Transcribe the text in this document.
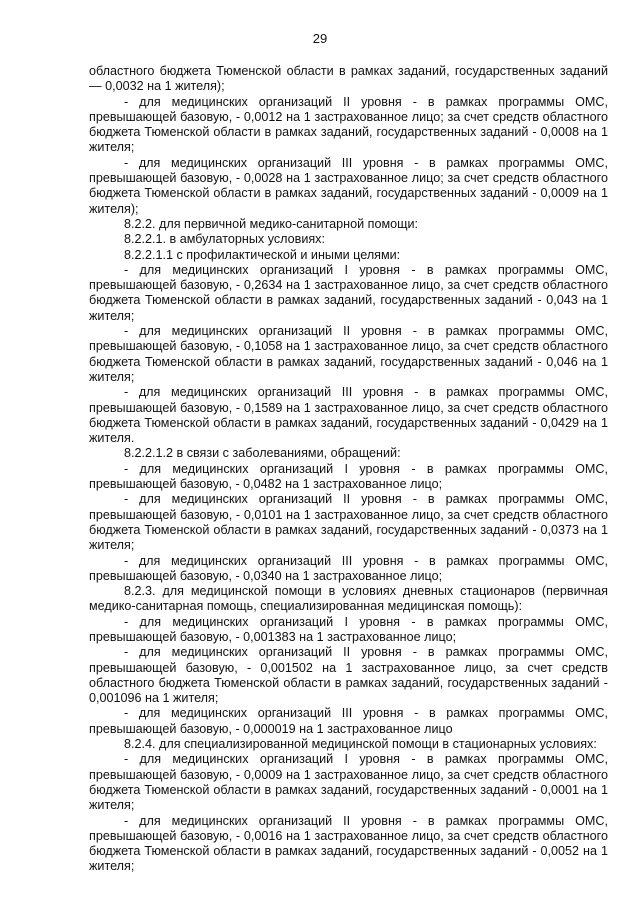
29

областного бюджета Тюменской области в рамках заданий, государственных заданий — 0,0032 на 1 жителя);

- для медицинских организаций II уровня - в рамках программы ОМС, превышающей базовую, - 0,0012 на 1 застрахованное лицо; за счет средств областного бюджета Тюменской области в рамках заданий, государственных заданий - 0,0008 на 1 жителя;

- для медицинских организаций III уровня - в рамках программы ОМС, превышающей базовую, - 0,0028 на 1 застрахованное лицо; за счет средств областного бюджета Тюменской области в рамках заданий, государственных заданий - 0,0009 на 1 жителя);

8.2.2. для первичной медико-санитарной помощи:

8.2.2.1. в амбулаторных условиях:

8.2.2.1.1 с профилактической и иными целями:

- для медицинских организаций I уровня - в рамках программы ОМС, превышающей базовую, - 0,2634 на 1 застрахованное лицо, за счет средств областного бюджета Тюменской области в рамках заданий, государственных заданий - 0,043 на 1 жителя;

- для медицинских организаций II уровня - в рамках программы ОМС, превышающей базовую, - 0,1058 на 1 застрахованное лицо, за счет средств областного бюджета Тюменской области в рамках заданий, государственных заданий - 0,046 на 1 жителя;

- для медицинских организаций III уровня - в рамках программы ОМС, превышающей базовую, - 0,1589 на 1 застрахованное лицо, за счет средств областного бюджета Тюменской области в рамках заданий, государственных заданий - 0,0429 на 1 жителя.

8.2.2.1.2 в связи с заболеваниями, обращений:

- для медицинских организаций I уровня - в рамках программы ОМС, превышающей базовую, - 0,0482 на 1 застрахованное лицо;

- для медицинских организаций II уровня - в рамках программы ОМС, превышающей базовую, - 0,0101 на 1 застрахованное лицо, за счет средств областного бюджета Тюменской области в рамках заданий, государственных заданий - 0,0373 на 1 жителя;

- для медицинских организаций III уровня - в рамках программы ОМС, превышающей базовую, - 0,0340 на 1 застрахованное лицо;

8.2.3. для медицинской помощи в условиях дневных стационаров (первичная медико-санитарная помощь, специализированная медицинская помощь):

- для медицинских организаций I уровня - в рамках программы ОМС, превышающей базовую, - 0,001383 на 1 застрахованное лицо;

- для медицинских организаций II уровня - в рамках программы ОМС, превышающей базовую, - 0,001502 на 1 застрахованное лицо, за счет средств областного бюджета Тюменской области в рамках заданий, государственных заданий - 0,001096 на 1 жителя;

- для медицинских организаций III уровня - в рамках программы ОМС, превышающей базовую, - 0,000019 на 1 застрахованное лицо

8.2.4. для специализированной медицинской помощи в стационарных условиях:

- для медицинских организаций I уровня - в рамках программы ОМС, превышающей базовую, - 0,0009 на 1 застрахованное лицо, за счет средств областного бюджета Тюменской области в рамках заданий, государственных заданий - 0,0001 на 1 жителя;

- для медицинских организаций II уровня - в рамках программы ОМС, превышающей базовую, - 0,0016 на 1 застрахованное лицо, за счет средств областного бюджета Тюменской области в рамках заданий, государственных заданий - 0,0052 на 1 жителя;
